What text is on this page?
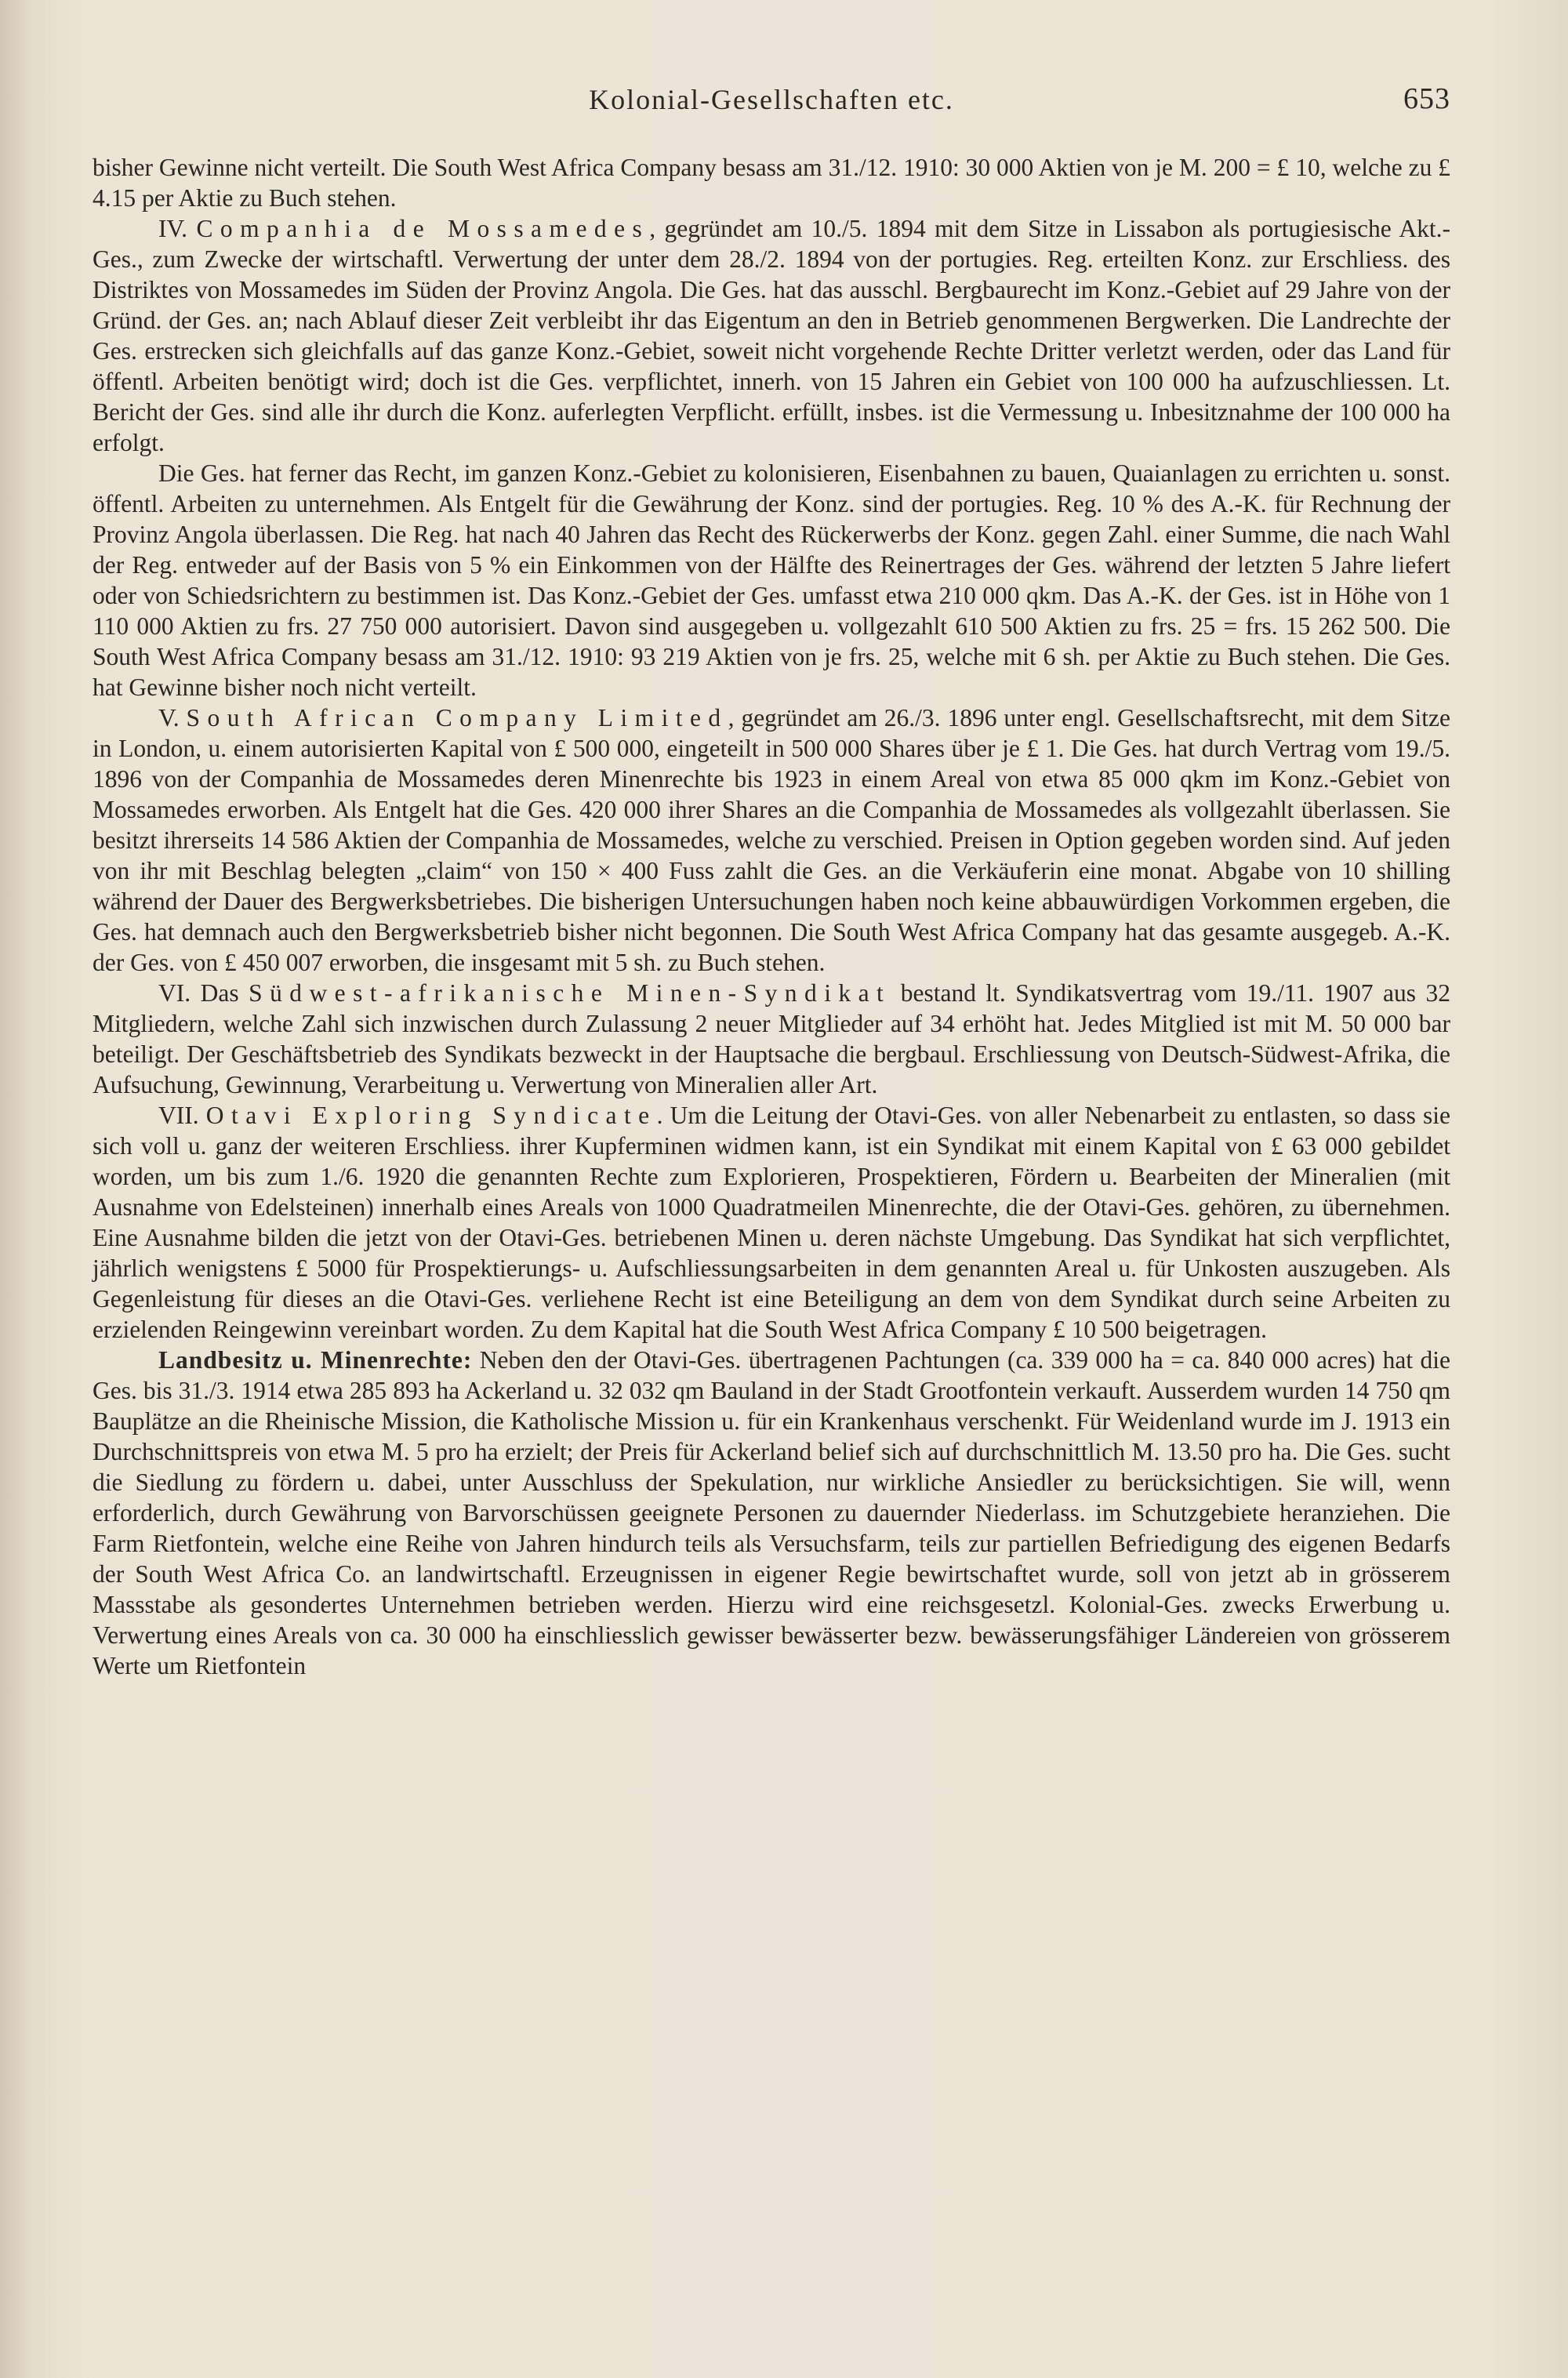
Kolonial-Gesellschaften etc.	653

bisher Gewinne nicht verteilt. Die South West Africa Company besass am 31./12. 1910: 30 000 Aktien von je M. 200 = £ 10, welche zu £ 4.15 per Aktie zu Buch stehen.

IV. Companhia de Mossamedes, gegründet am 10./5. 1894 mit dem Sitze in Lissabon als portugiesische Akt.-Ges., zum Zwecke der wirtschaftl. Verwertung der unter dem 28./2. 1894 von der portugies. Reg. erteilten Konz. zur Erschliess. des Distriktes von Mossamedes im Süden der Provinz Angola. Die Ges. hat das ausschl. Bergbaurecht im Konz.-Gebiet auf 29 Jahre von der Gründ. der Ges. an; nach Ablauf dieser Zeit verbleibt ihr das Eigentum an den in Betrieb genommenen Bergwerken. Die Landrechte der Ges. erstrecken sich gleichfalls auf das ganze Konz.-Gebiet, soweit nicht vorgehende Rechte Dritter verletzt werden, oder das Land für öffentl. Arbeiten benötigt wird; doch ist die Ges. verpflichtet, innerh. von 15 Jahren ein Gebiet von 100 000 ha aufzuschliessen. Lt. Bericht der Ges. sind alle ihr durch die Konz. auferlegten Verpflicht. erfüllt, insbes. ist die Vermessung u. Inbesitznahme der 100 000 ha erfolgt.

Die Ges. hat ferner das Recht, im ganzen Konz.-Gebiet zu kolonisieren, Eisenbahnen zu bauen, Quaianlagen zu errichten u. sonst. öffentl. Arbeiten zu unternehmen. Als Entgelt für die Gewährung der Konz. sind der portugies. Reg. 10 % des A.-K. für Rechnung der Provinz Angola überlassen. Die Reg. hat nach 40 Jahren das Recht des Rückerwerbs der Konz. gegen Zahl. einer Summe, die nach Wahl der Reg. entweder auf der Basis von 5 % ein Einkommen von der Hälfte des Reinertrages der Ges. während der letzten 5 Jahre liefert oder von Schiedsrichtern zu bestimmen ist. Das Konz.-Gebiet der Ges. umfasst etwa 210 000 qkm. Das A.-K. der Ges. ist in Höhe von 1 110 000 Aktien zu frs. 27 750 000 autorisiert. Davon sind ausgegeben u. vollgezahlt 610 500 Aktien zu frs. 25 = frs. 15 262 500. Die South West Africa Company besass am 31./12. 1910: 93 219 Aktien von je frs. 25, welche mit 6 sh. per Aktie zu Buch stehen. Die Ges. hat Gewinne bisher noch nicht verteilt.

V. South African Company Limited, gegründet am 26./3. 1896 unter engl. Gesellschaftsrecht, mit dem Sitze in London, u. einem autorisierten Kapital von £ 500 000, eingeteilt in 500 000 Shares über je £ 1. Die Ges. hat durch Vertrag vom 19./5. 1896 von der Companhia de Mossamedes deren Minenrechte bis 1923 in einem Areal von etwa 85 000 qkm im Konz.-Gebiet von Mossamedes erworben. Als Entgelt hat die Ges. 420 000 ihrer Shares an die Companhia de Mossamedes als vollgezahlt überlassen. Sie besitzt ihrerseits 14 586 Aktien der Companhia de Mossamedes, welche zu verschied. Preisen in Option gegeben worden sind. Auf jeden von ihr mit Beschlag belegten „claim“ von 150 × 400 Fuss zahlt die Ges. an die Verkäuferin eine monat. Abgabe von 10 shilling während der Dauer des Bergwerksbetriebes. Die bisherigen Untersuchungen haben noch keine abbauwürdigen Vorkommen ergeben, die Ges. hat demnach auch den Bergwerksbetrieb bisher nicht begonnen. Die South West Africa Company hat das gesamte ausgegeb. A.-K. der Ges. von £ 450 007 erworben, die insgesamt mit 5 sh. zu Buch stehen.

VI. Das Südwest-afrikanische Minen-Syndikat bestand lt. Syndikatsvertrag vom 19./11. 1907 aus 32 Mitgliedern, welche Zahl sich inzwischen durch Zulassung 2 neuer Mitglieder auf 34 erhöht hat. Jedes Mitglied ist mit M. 50 000 bar beteiligt. Der Geschäftsbetrieb des Syndikats bezweckt in der Hauptsache die bergbaul. Erschliessung von Deutsch-Südwest-Afrika, die Aufsuchung, Gewinnung, Verarbeitung u. Verwertung von Mineralien aller Art.

VII. Otavi Exploring Syndicate. Um die Leitung der Otavi-Ges. von aller Nebenarbeit zu entlasten, so dass sie sich voll u. ganz der weiteren Erschliess. ihrer Kupferminen widmen kann, ist ein Syndikat mit einem Kapital von £ 63 000 gebildet worden, um bis zum 1./6. 1920 die genannten Rechte zum Explorieren, Prospektieren, Fördern u. Bearbeiten der Mineralien (mit Ausnahme von Edelsteinen) innerhalb eines Areals von 1000 Quadratmeilen Minenrechte, die der Otavi-Ges. gehören, zu übernehmen. Eine Ausnahme bilden die jetzt von der Otavi-Ges. betriebenen Minen u. deren nächste Umgebung. Das Syndikat hat sich verpflichtet, jährlich wenigstens £ 5000 für Prospektierungs- u. Aufschliessungsarbeiten in dem genannten Areal u. für Unkosten auszugeben. Als Gegenleistung für dieses an die Otavi-Ges. verliehene Recht ist eine Beteiligung an dem von dem Syndikat durch seine Arbeiten zu erzielenden Reingewinn vereinbart worden. Zu dem Kapital hat die South West Africa Company £ 10 500 beigetragen.

Landbesitz u. Minenrechte: Neben den der Otavi-Ges. übertragenen Pachtungen (ca. 339 000 ha = ca. 840 000 acres) hat die Ges. bis 31./3. 1914 etwa 285 893 ha Ackerland u. 32 032 qm Bauland in der Stadt Grootfontein verkauft. Ausserdem wurden 14 750 qm Bauplätze an die Rheinische Mission, die Katholische Mission u. für ein Krankenhaus verschenkt. Für Weidenland wurde im J. 1913 ein Durchschnittspreis von etwa M. 5 pro ha erzielt; der Preis für Ackerland belief sich auf durchschnittlich M. 13.50 pro ha. Die Ges. sucht die Siedlung zu fördern u. dabei, unter Ausschluss der Spekulation, nur wirkliche Ansiedler zu berücksichtigen. Sie will, wenn erforderlich, durch Gewährung von Barvorschüssen geeignete Personen zu dauernder Niederlass. im Schutzgebiete heranziehen. Die Farm Rietfontein, welche eine Reihe von Jahren hindurch teils als Versuchsfarm, teils zur partiellen Befriedigung des eigenen Bedarfs der South West Africa Co. an landwirtschaftl. Erzeugnissen in eigener Regie bewirtschaftet wurde, soll von jetzt ab in grösserem Massstabe als gesondertes Unternehmen betrieben werden. Hierzu wird eine reichsgesetzl. Kolonial-Ges. zwecks Erwerbung u. Verwertung eines Areals von ca. 30 000 ha einschliesslich gewisser bewässerter bezw. bewässerungsfähiger Ländereien von grösserem Werte um Rietfontein
